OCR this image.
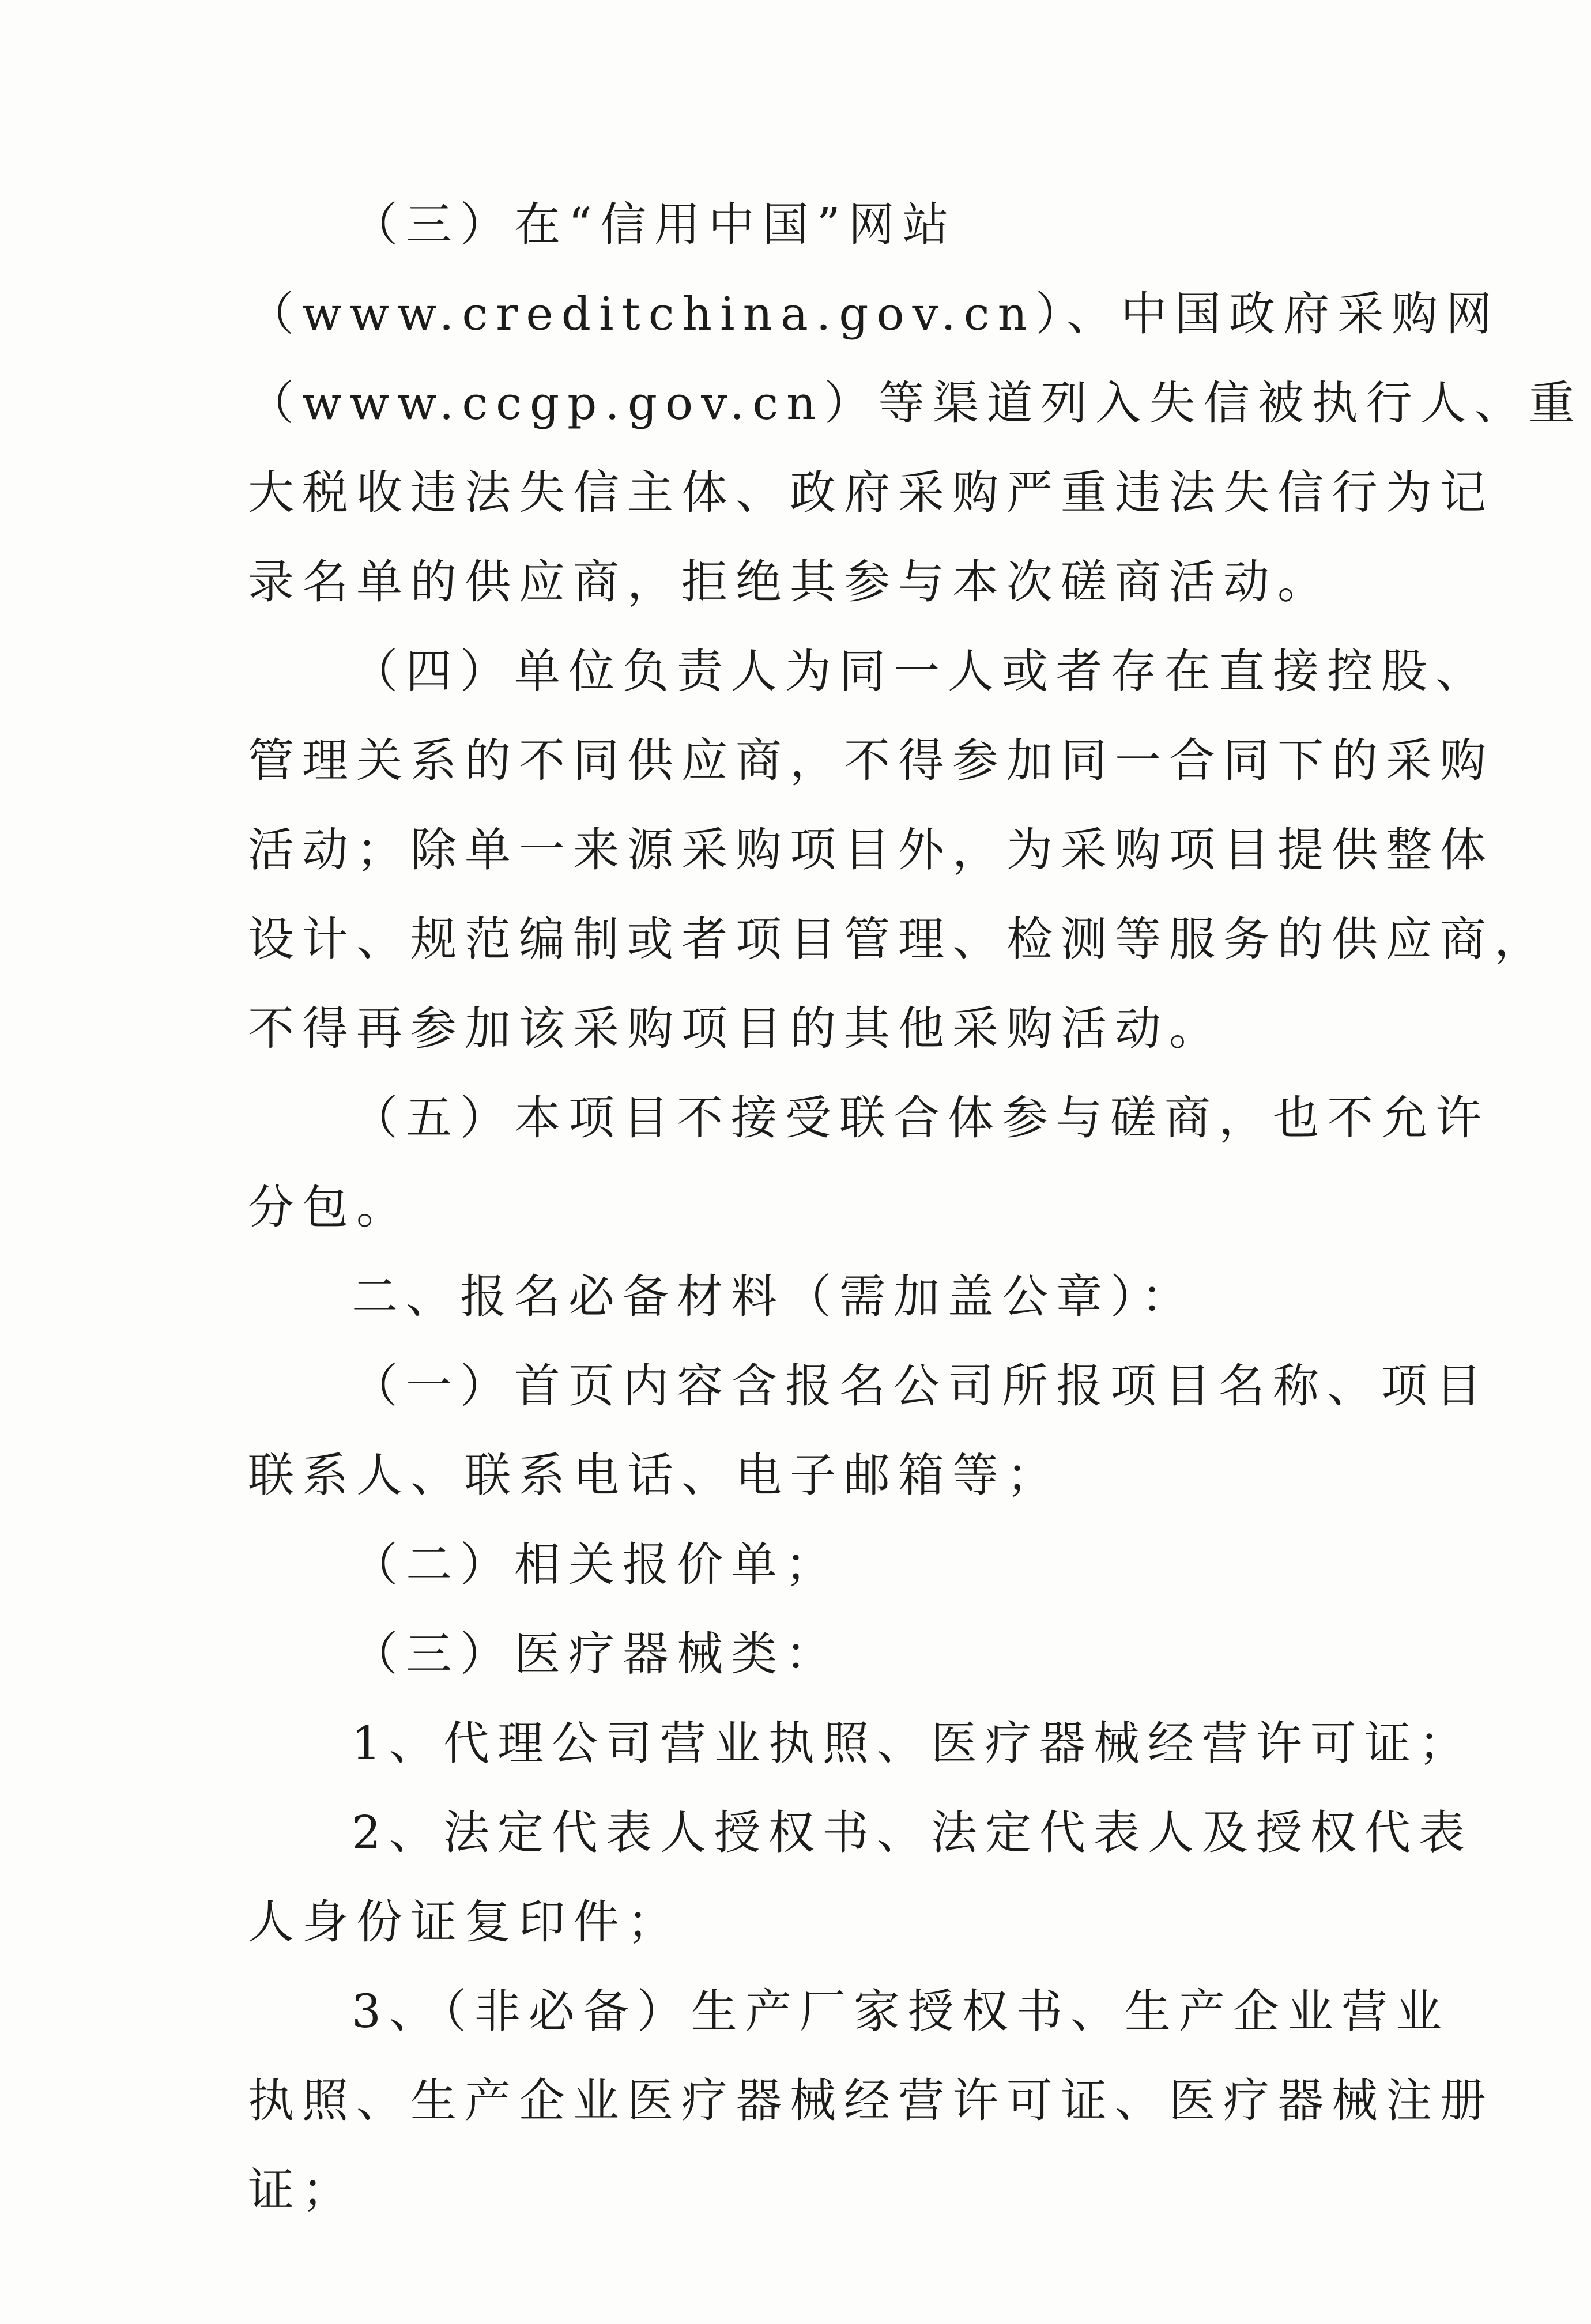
（三）在“信用中国”网站
（www.creditchina.gov.cn）、中国政府采购网
（www.ccgp.gov.cn）等渠道列入失信被执行人、重
大税收违法失信主体、政府采购严重违法失信行为记
录名单的供应商，拒绝其参与本次磋商活动。
（四）单位负责人为同一人或者存在直接控股、
管理关系的不同供应商，不得参加同一合同下的采购
活动；除单一来源采购项目外，为采购项目提供整体
设计、规范编制或者项目管理、检测等服务的供应商，
不得再参加该采购项目的其他采购活动。
（五）本项目不接受联合体参与磋商，也不允许
分包。
二、报名必备材料（需加盖公章）：
（一）首页内容含报名公司所报项目名称、项目
联系人、联系电话、电子邮箱等；
（二）相关报价单；
（三）医疗器械类：
1、代理公司营业执照、医疗器械经营许可证；
2、法定代表人授权书、法定代表人及授权代表
人身份证复印件；
3、（非必备）生产厂家授权书、生产企业营业
执照、生产企业医疗器械经营许可证、医疗器械注册
证；
